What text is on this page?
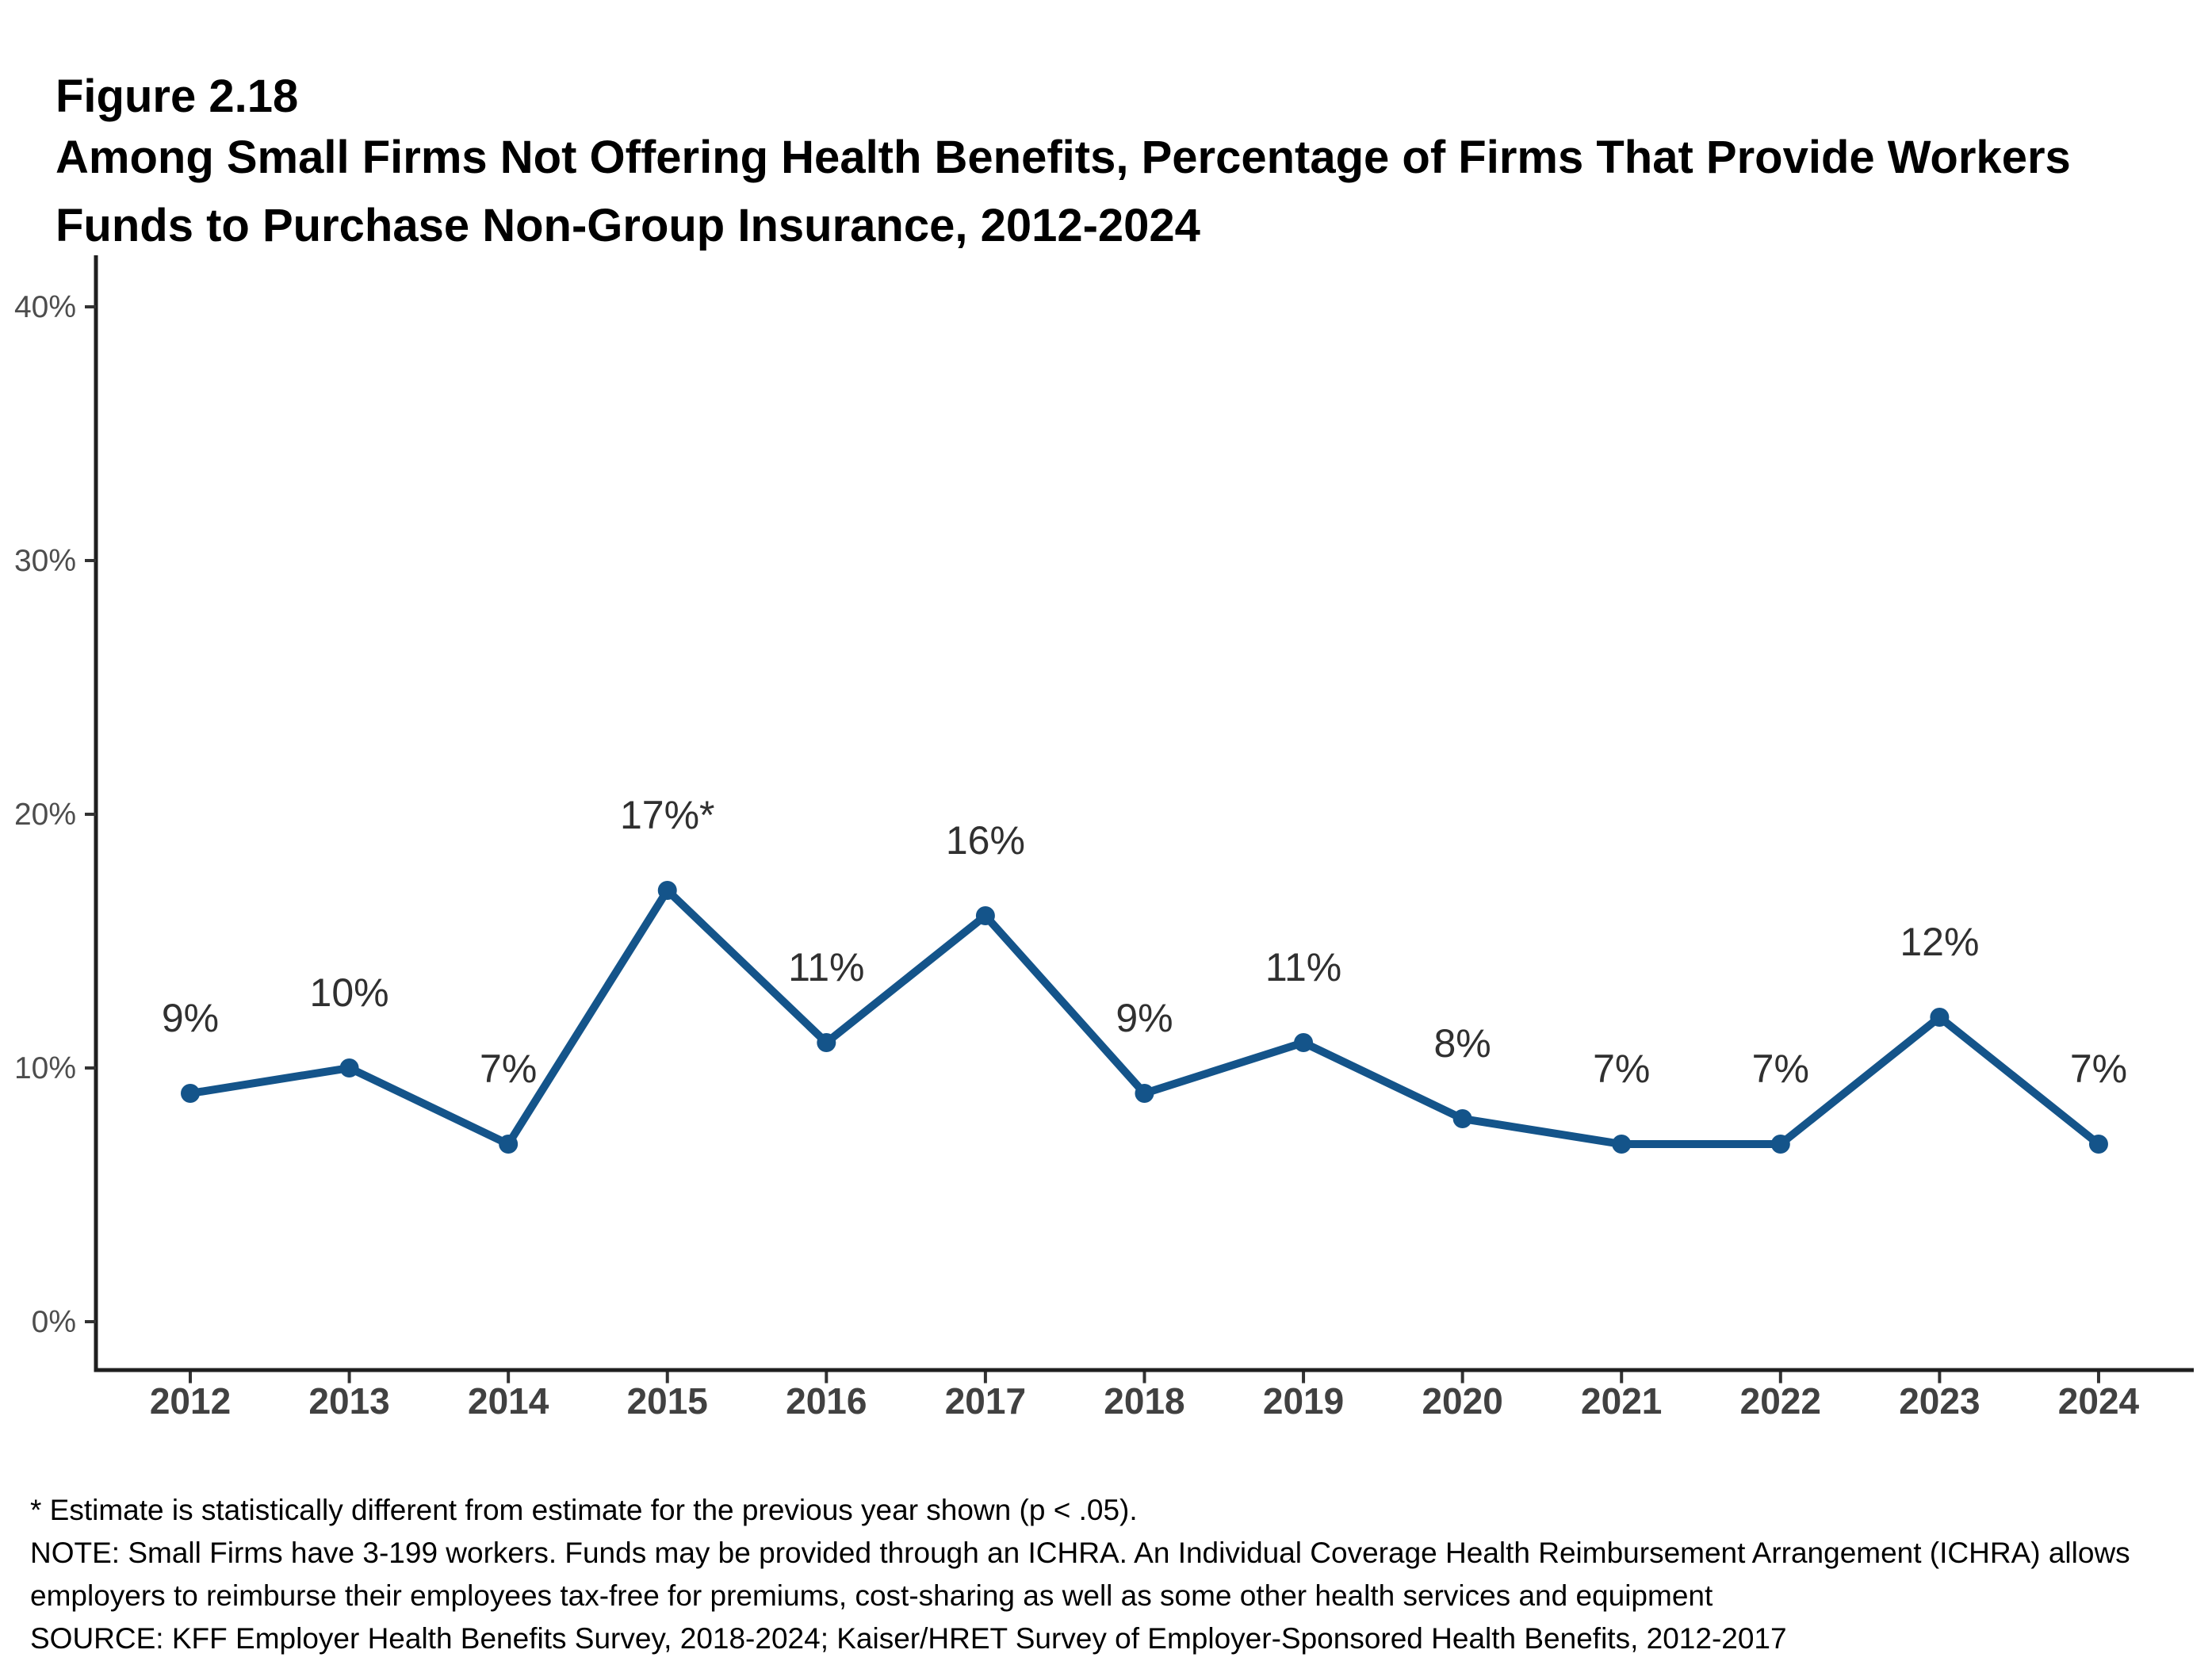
Figure 2.18
Among Small Firms Not Offering Health Benefits, Percentage of Firms That Provide Workers
Funds to Purchase Non-Group Insurance, 2012-2024
0%
10%
20%
30%
40%
2012 2013 2014 2015 2016 2017 2018 2019 2020 2021 2022 2023 2024
9%
10%
7%
17%*
11%
16%
9%
11%
8%
7%	7%
12%
7%
* Estimate is statistically different from estimate for the previous year shown (p < .05).
NOTE: Small Firms have 3-199 workers. Funds may be provided through an ICHRA. An Individual Coverage Health Reimbursement Arrangement (ICHRA) allows
employers to reimburse their employees tax-free for premiums, cost-sharing as well as some other health services and equipment
SOURCE: KFF Employer Health Benefits Survey, 2018-2024; Kaiser/HRET Survey of Employer-Sponsored Health Benefits, 2012-2017
